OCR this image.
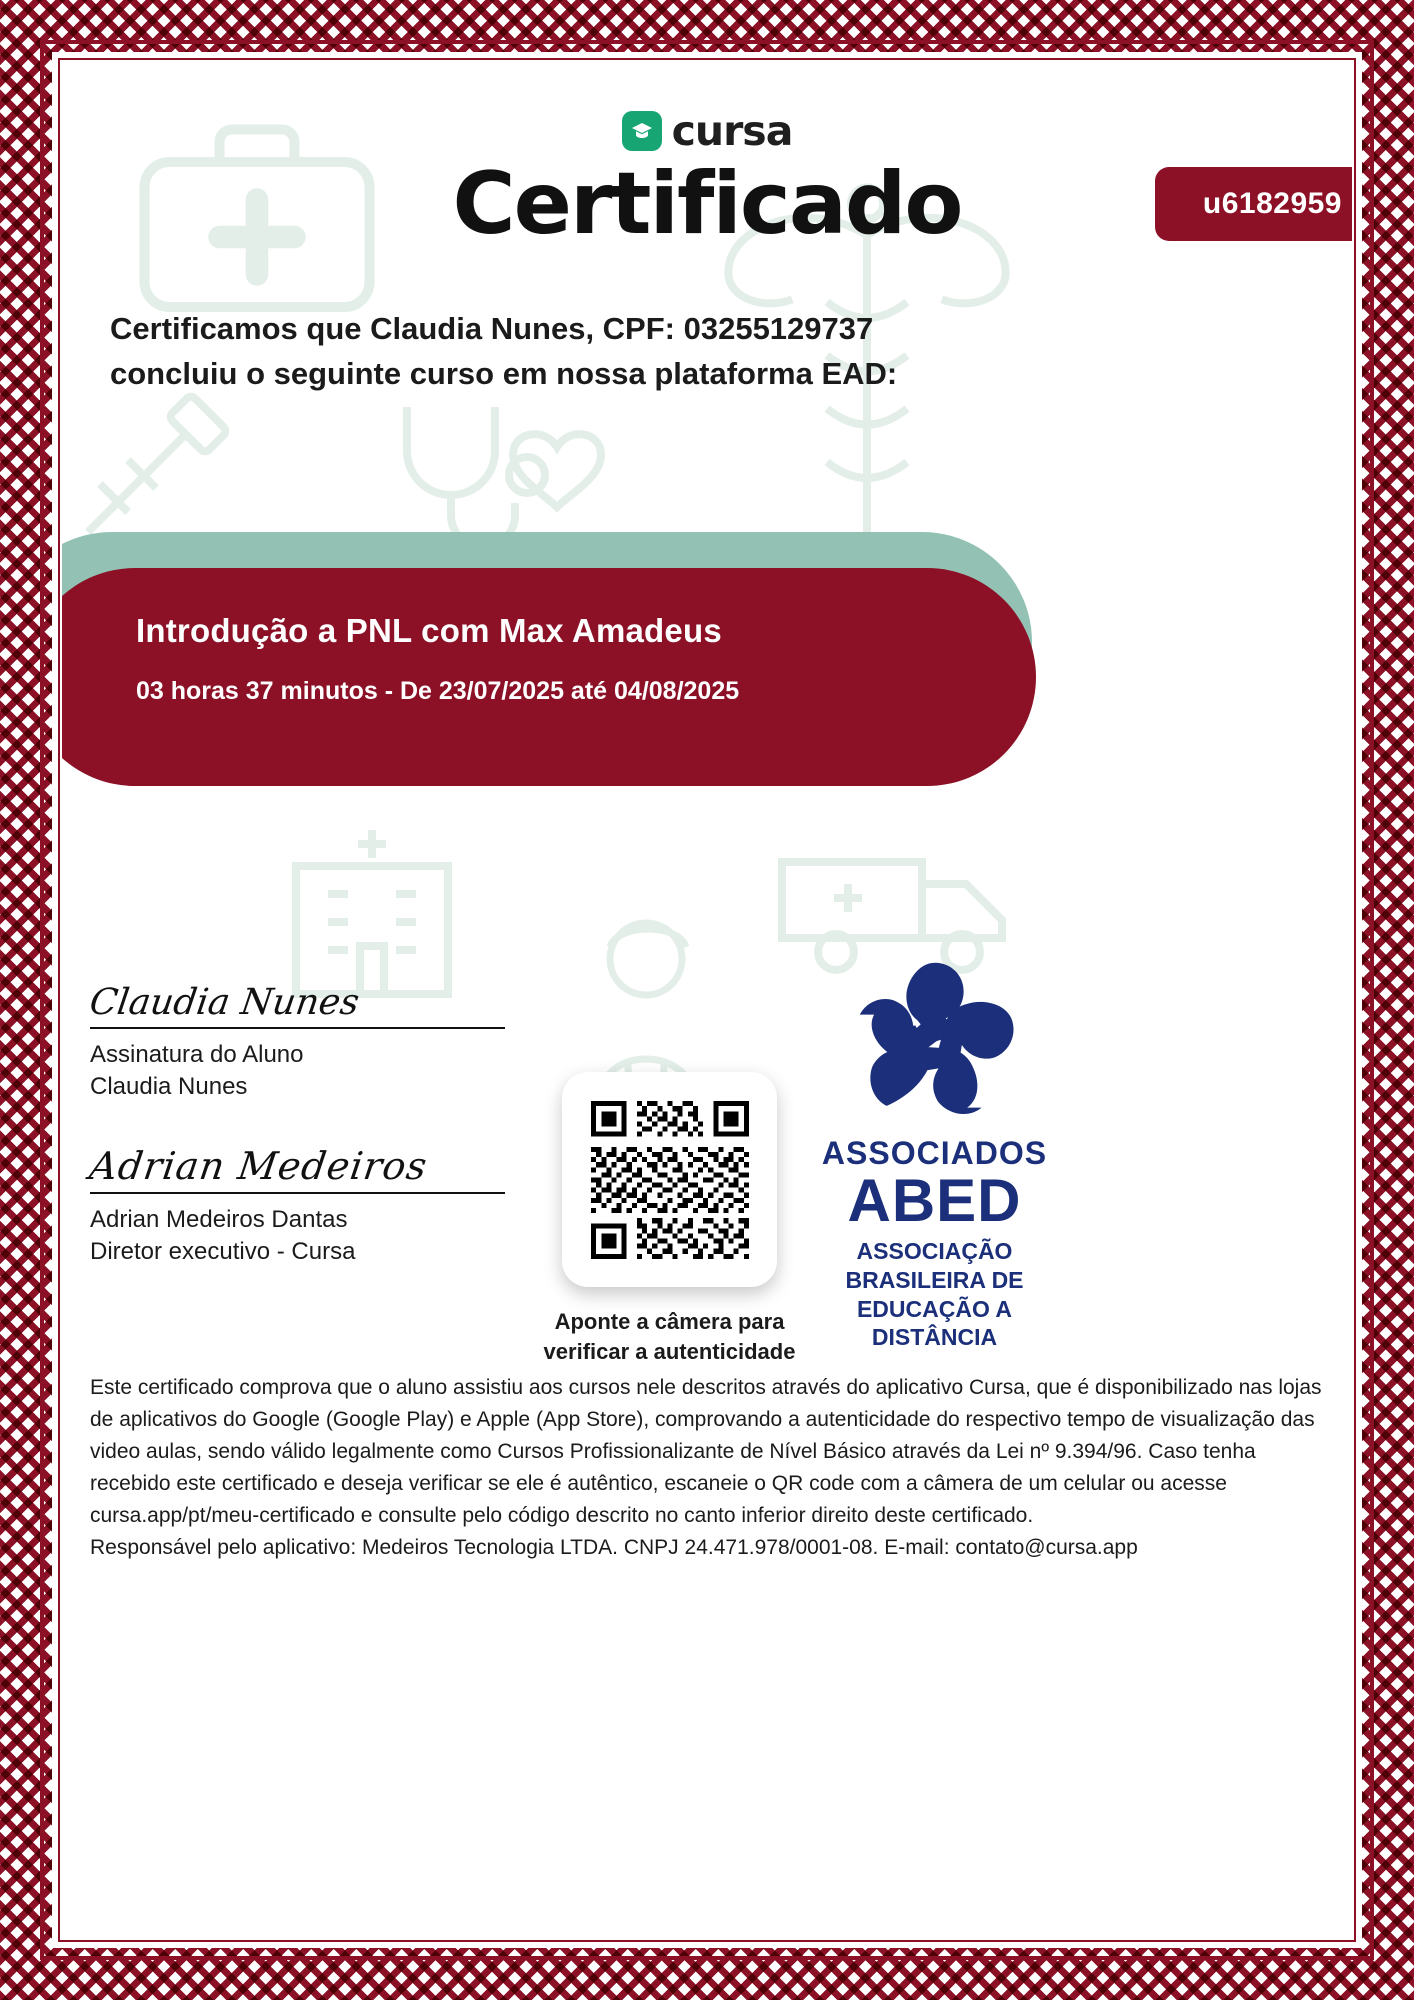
cursa
Certificado	u6182959
Certificamos que Claudia Nunes, CPF: 03255129737
concluiu o seguinte curso em nossa plataforma EAD:
Introdução a PNL com Max Amadeus
03 horas 37 minutos - De 23/07/2025 até 04/08/2025
Claudia Nunes
Assinatura do Aluno
Claudia Nunes
Adrian Medeiros
Adrian Medeiros Dantas
Diretor executivo - Cursa
Aponte a câmera para
verificar a autenticidade
ASSOCIADOS
ABED
ASSOCIAÇÃO
BRASILEIRA DE
EDUCAÇÃO A
DISTÂNCIA

Este certificado comprova que o aluno assistiu aos cursos nele descritos através do aplicativo Cursa, que é disponibilizado nas lojas de aplicativos do Google (Google Play) e Apple (App Store), comprovando a autenticidade do respectivo tempo de visualização das video aulas, sendo válido legalmente como Cursos Profissionalizante de Nível Básico através da Lei nº 9.394/96. Caso tenha recebido este certificado e deseja verificar se ele é autêntico, escaneie o QR code com a câmera de um celular ou acesse cursa.app/pt/meu-certificado e consulte pelo código descrito no canto inferior direito deste certificado.

Responsável pelo aplicativo: Medeiros Tecnologia LTDA. CNPJ 24.471.978/0001-08. E-mail: contato@cursa.app
